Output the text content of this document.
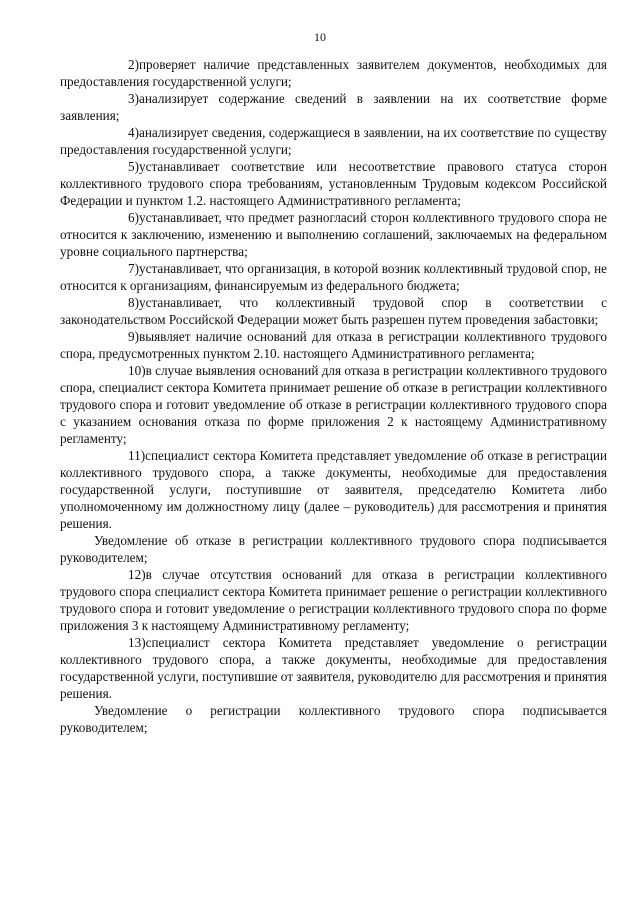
10

2)проверяет наличие представленных заявителем документов, необходимых для предоставления государственной услуги;

3)анализирует содержание сведений в заявлении на их соответствие форме заявления;

4)анализирует сведения, содержащиеся в заявлении, на их соответствие по существу предоставления государственной услуги;

5)устанавливает соответствие или несоответствие правового статуса сторон коллективного трудового спора требованиям, установленным Трудовым кодексом Российской Федерации и пунктом 1.2. настоящего Административного регламента;

6)устанавливает, что предмет разногласий сторон коллективного трудового спора не относится к заключению, изменению и выполнению соглашений, заключаемых на федеральном уровне социального партнерства;

7)устанавливает, что организация, в которой возник коллективный трудовой спор, не относится к организациям, финансируемым из федерального бюджета;

8)устанавливает, что коллективный трудовой спор в соответствии с законодательством Российской Федерации может быть разрешен путем проведения забастовки;

9)выявляет наличие оснований для отказа в регистрации коллективного трудового спора, предусмотренных пунктом 2.10. настоящего Административного регламента;

10)в случае выявления оснований для отказа в регистрации коллективного трудового спора, специалист сектора Комитета принимает решение об отказе в регистрации коллективного трудового спора и готовит уведомление об отказе в регистрации коллективного трудового спора с указанием основания отказа по форме приложения 2 к настоящему Административному регламенту;

11)специалист сектора Комитета представляет уведомление об отказе в регистрации коллективного трудового спора, а также документы, необходимые для предоставления государственной услуги, поступившие от заявителя, председателю Комитета либо уполномоченному им должностному лицу (далее – руководитель) для рассмотрения и принятия решения.

Уведомление об отказе в регистрации коллективного трудового спора подписывается руководителем;

12)в случае отсутствия оснований для отказа в регистрации коллективного трудового спора специалист сектора Комитета принимает решение о регистрации коллективного трудового спора и готовит уведомление о регистрации коллективного трудового спора по форме приложения 3 к настоящему Административному регламенту;

13)специалист сектора Комитета представляет уведомление о регистрации коллективного трудового спора, а также документы, необходимые для предоставления государственной услуги, поступившие от заявителя, руководителю для рассмотрения и принятия решения.

Уведомление о регистрации коллективного трудового спора подписывается руководителем;
